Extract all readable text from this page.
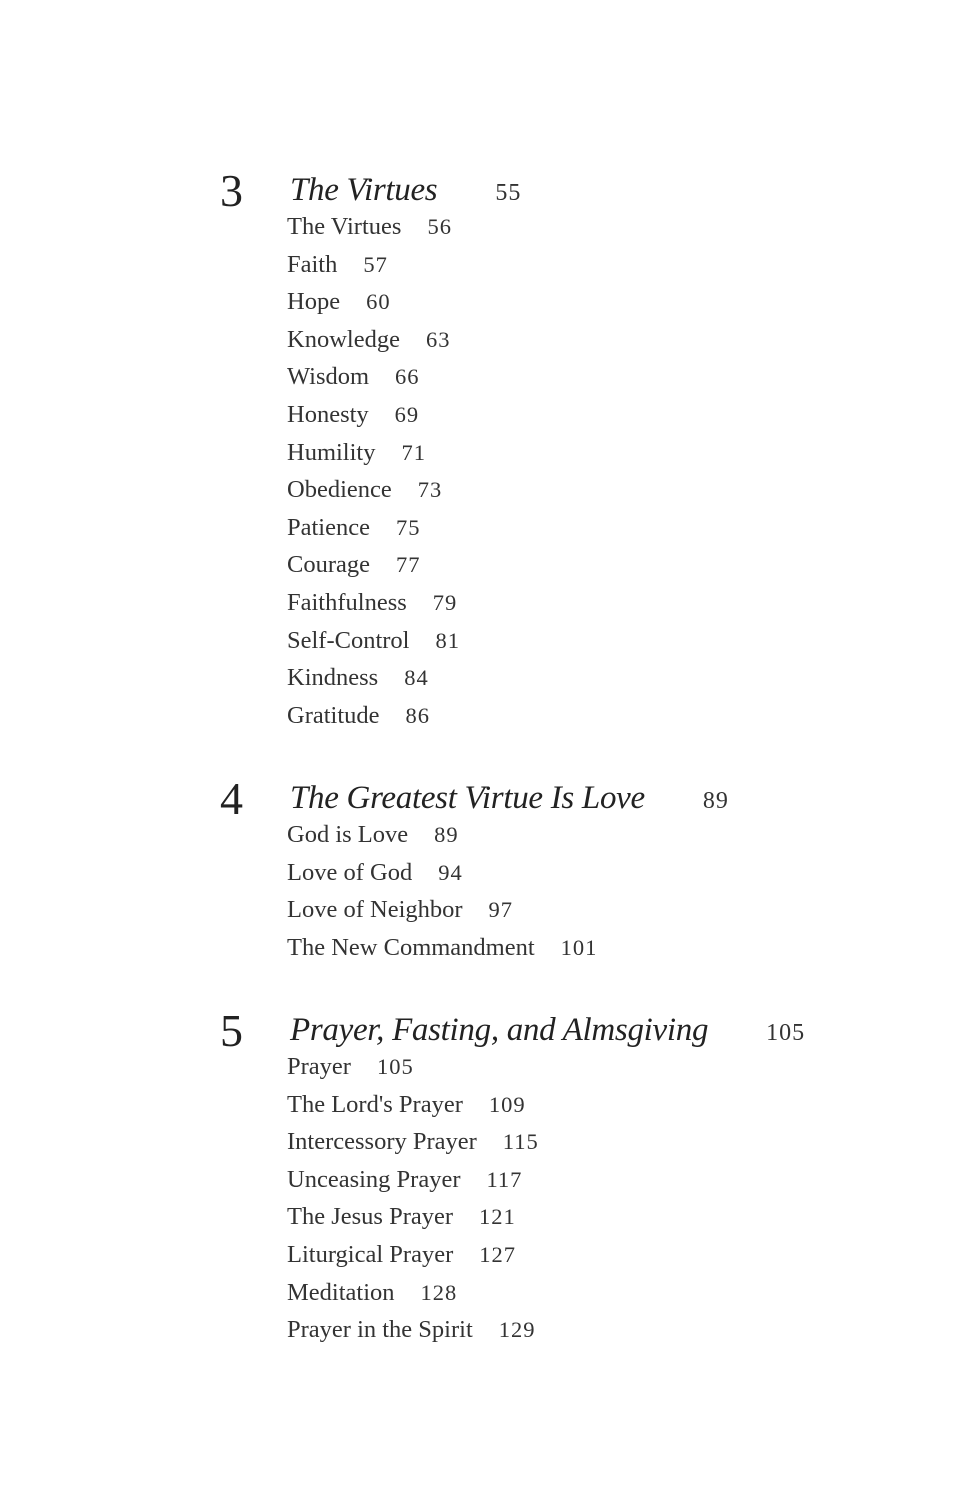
3 The Virtues 55
The Virtues 56
Faith 57
Hope 60
Knowledge 63
Wisdom 66
Honesty 69
Humility 71
Obedience 73
Patience 75
Courage 77
Faithfulness 79
Self-Control 81
Kindness 84
Gratitude 86
4 The Greatest Virtue Is Love 89
God is Love 89
Love of God 94
Love of Neighbor 97
The New Commandment 101
5 Prayer, Fasting, and Almsgiving 105
Prayer 105
The Lord's Prayer 109
Intercessory Prayer 115
Unceasing Prayer 117
The Jesus Prayer 121
Liturgical Prayer 127
Meditation 128
Prayer in the Spirit 129
